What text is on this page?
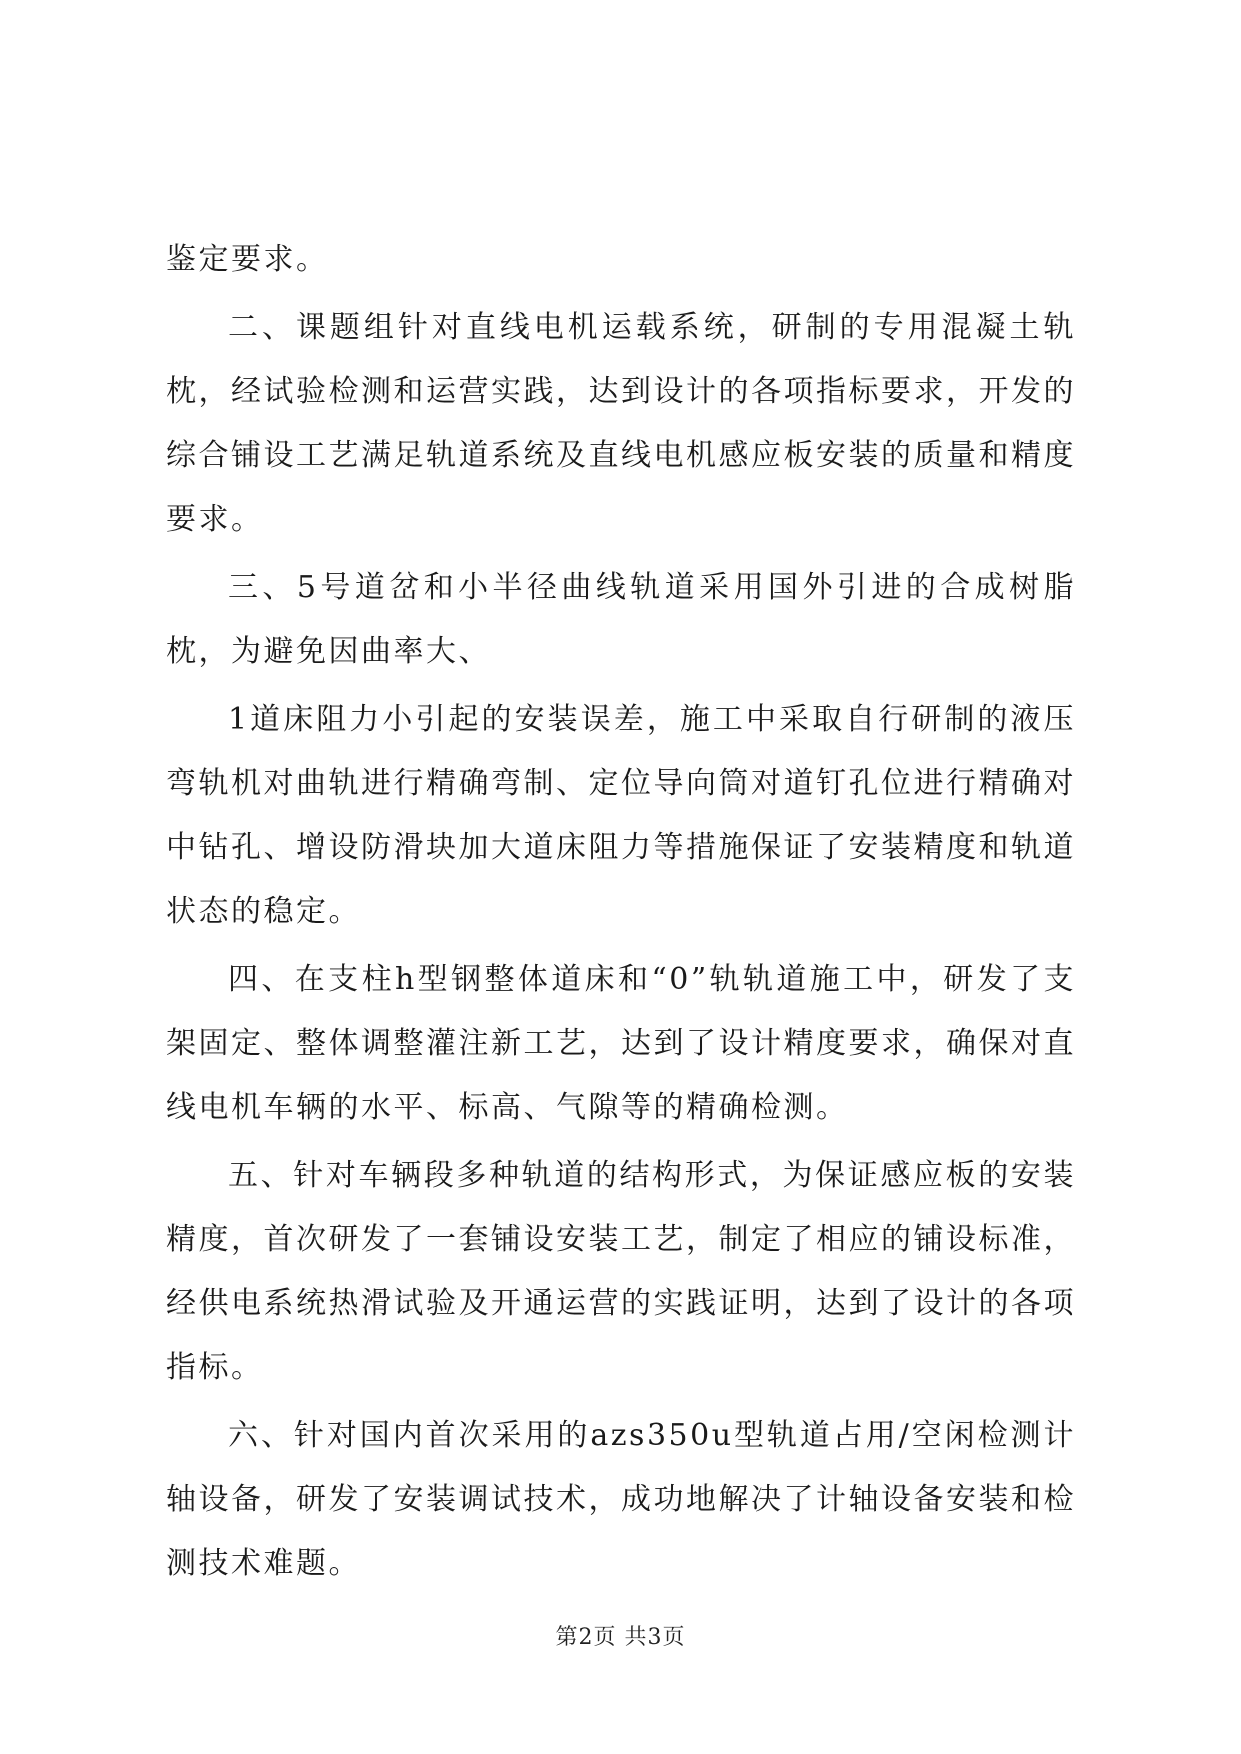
鉴定要求。

二、课题组针对直线电机运载系统，研制的专用混凝土轨枕，经试验检测和运营实践，达到设计的各项指标要求，开发的综合铺设工艺满足轨道系统及直线电机感应板安装的质量和精度要求。

三、5号道岔和小半径曲线轨道采用国外引进的合成树脂枕，为避免因曲率大、

1道床阻力小引起的安装误差，施工中采取自行研制的液压弯轨机对曲轨进行精确弯制、定位导向筒对道钉孔位进行精确对中钻孔、增设防滑块加大道床阻力等措施保证了安装精度和轨道状态的稳定。

四、在支柱h型钢整体道床和“0”轨轨道施工中，研发了支架固定、整体调整灌注新工艺，达到了设计精度要求，确保对直线电机车辆的水平、标高、气隙等的精确检测。

五、针对车辆段多种轨道的结构形式，为保证感应板的安装精度，首次研发了一套铺设安装工艺，制定了相应的铺设标准，经供电系统热滑试验及开通运营的实践证明，达到了设计的各项指标。

六、针对国内首次采用的azs350u型轨道占用/空闲检测计轴设备，研发了安装调试技术，成功地解决了计轴设备安装和检测技术难题。

第2页 共3页
